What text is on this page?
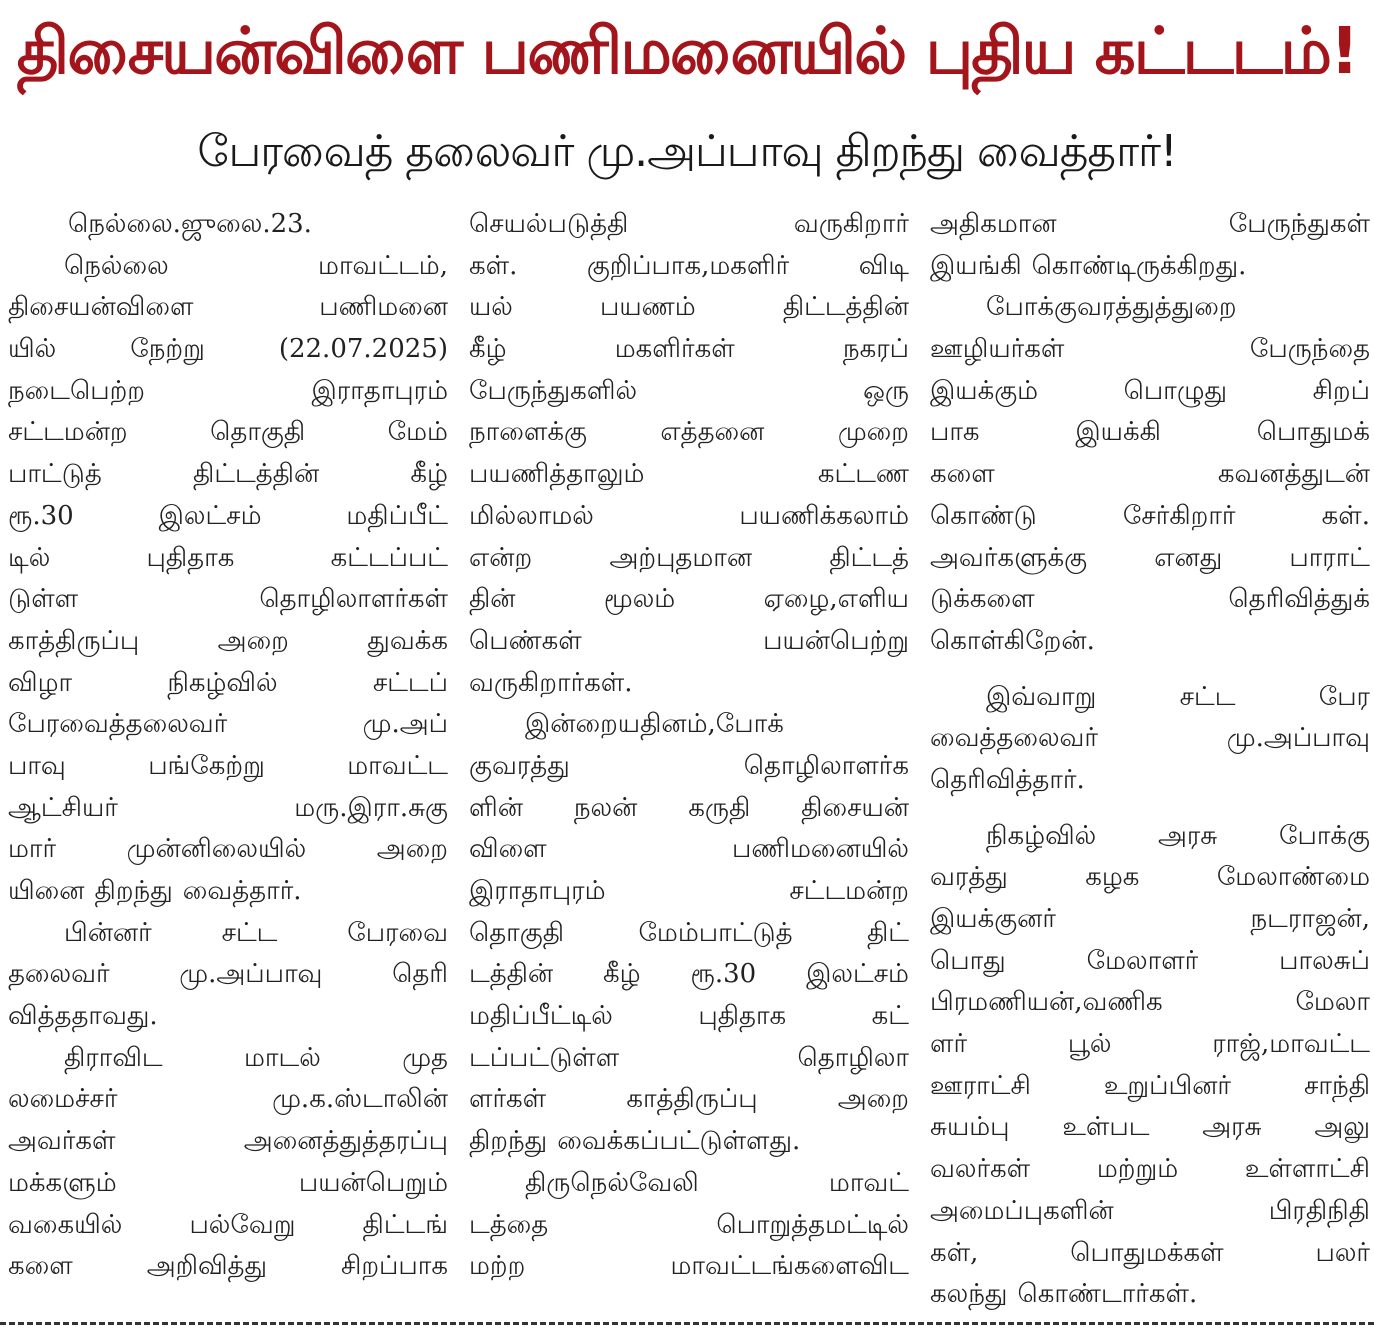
திசையன்விளை பணிமனையில் புதிய கட்டடம்!
பேரவைத் தலைவர் மு.அப்பாவு திறந்து வைத்தார்!
நெல்லை.ஜுலை.23.
நெல்லை	மாவட்டம்,
திசையன்விளை	பணிமனை
யில்	நேற்று	(22.07.2025)
நடைபெற்ற	இராதாபுரம்
சட்டமன்ற	தொகுதி	மேம்
பாட்டுத்	திட்டத்தின்	கீழ்
ரூ.30	இலட்சம்	மதிப்பீட்
டில்	புதிதாக	கட்டப்பட்
டுள்ள	தொழிலாளர்கள்
காத்திருப்பு	அறை	துவக்க
விழா	நிகழ்வில்	சட்டப்
பேரவைத்தலைவர்	மு.அப்
பாவு	பங்கேற்று	மாவட்ட
ஆட்சியர்	மரு.இரா.சுகு
மார்	முன்னிலையில்	அறை
யினை திறந்து வைத்தார்.
பின்னர்	சட்ட	பேரவை
தலைவர்	மு.அப்பாவு	தெரி
வித்ததாவது.
திராவிட	மாடல்	முத
லமைச்சர்	மு.க.ஸ்டாலின்
அவர்கள்	அனைத்துத்தரப்பு
மக்களும்	பயன்பெறும்
வகையில்	பல்வேறு	திட்டங்
களை	அறிவித்து	சிறப்பாக
செயல்படுத்தி	வருகிறார்
கள்.	குறிப்பாக,மகளிர்	விடி
யல்	பயணம்	திட்டத்தின்
கீழ்	மகளிர்கள்	நகரப்
பேருந்துகளில்	ஒரு
நாளைக்கு	எத்தனை	முறை
பயணித்தாலும்	கட்டண
மில்லாமல்	பயணிக்கலாம்
என்ற	அற்புதமான	திட்டத்
தின்	மூலம்	ஏழை,எளிய
பெண்கள்	பயன்பெற்று
வருகிறார்கள்.
இன்றையதினம்,போக்
குவரத்து	தொழிலாளர்க
ளின் நலன் கருதி திசையன்
விளை	பணிமனையில்
இராதாபுரம்	சட்டமன்ற
தொகுதி	மேம்பாட்டுத்	திட்
டத்தின் கீழ் ரூ.30 இலட்சம்
மதிப்பீட்டில்	புதிதாக	கட்
டப்பட்டுள்ள	தொழிலா
ளர்கள்	காத்திருப்பு	அறை
திறந்து வைக்கப்பட்டுள்ளது.
திருநெல்வேலி	மாவட்
டத்தை	பொறுத்தமட்டில்
மற்ற	மாவட்டங்களைவிட
அதிகமான	பேருந்துகள்
இயங்கி கொண்டிருக்கிறது.
போக்குவரத்துத்துறை
ஊழியர்கள்	பேருந்தை
இயக்கும்	பொழுது	சிறப்
பாக	இயக்கி	பொதுமக்
களை	கவனத்துடன்
கொண்டு	சேர்கிறார்	கள்.
அவர்களுக்கு	எனது	பாராட்
டுக்களை	தெரிவித்துக்
கொள்கிறேன்.
இவ்வாறு	சட்ட	பேர
வைத்தலைவர்	மு.அப்பாவு
தெரிவித்தார்.
நிகழ்வில் அரசு போக்கு
வரத்து	கழக	மேலாண்மை
இயக்குனர்	நடராஜன்,
பொது	மேலாளர்	பாலசுப்
பிரமணியன்,வணிக	மேலா
ளர்	பூல்	ராஜ்,மாவட்ட
ஊராட்சி	உறுப்பினர்	சாந்தி
சுயம்பு உள்பட அரசு அலு
வலர்கள்	மற்றும்	உள்ளாட்சி
அமைப்புகளின்	பிரதிநிதி
கள்,	பொதுமக்கள்	பலர்
கலந்து கொண்டார்கள்.
